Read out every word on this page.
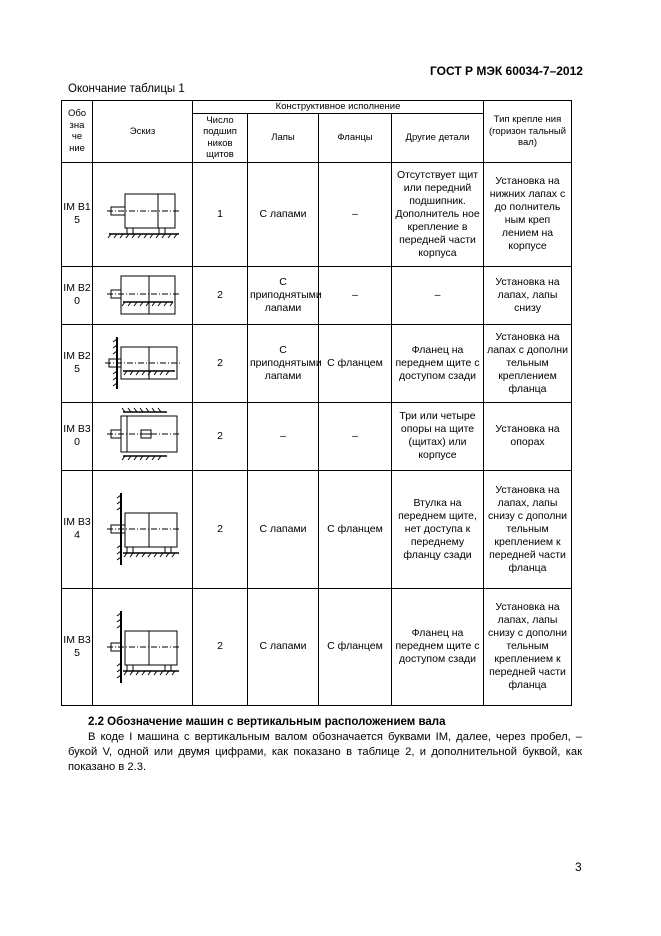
ГОСТ Р МЭК 60034-7–2012
Окончание таблицы 1
Обо зна че ние	Эскиз	Конструктивное исполнение				Тип крепле ния (горизон тальный вал)
		Число подшип ников щитов	Лапы	Фланцы	Другие детали	
IM B1 5		1	С лапами	–	Отсутствует щит или передний подшипник. Дополнитель ное крепление в передней части корпуса	Установка на нижних лапах с до полнитель ным креп лением на корпусе
IM B2 0		2	С приподнятыми лапами	–	–	Установка на лапах, лапы снизу
IM B2 5		2	С приподнятыми лапами	С фланцем	Фланец на переднем щите с доступом сзади	Установка на лапах с дополни тельным креплением фланца
IM B3 0		2	–	–	Три или четыре опоры на щите (щитах) или корпусе	Установка на опорах
IM B3 4		2	С лапами	С фланцем	Втулка на переднем щите, нет доступа к переднему фланцу сзади	Установка на лапах, лапы снизу с дополни тельным креплением к передней части фланца
IM B3 5		2	С лапами	С фланцем	Фланец на переднем щите с доступом сзади	Установка на лапах, лапы снизу с дополни тельным креплением к передней части фланца
2.2 Обозначение машин с вертикальным расположением вала
В коде I машина с вертикальным валом обозначается буквами IM, далее, через пробел, – букой V, одной или двумя цифрами, как показано в таблице 2, и дополнительной буквой, как показано в 2.3.
3
